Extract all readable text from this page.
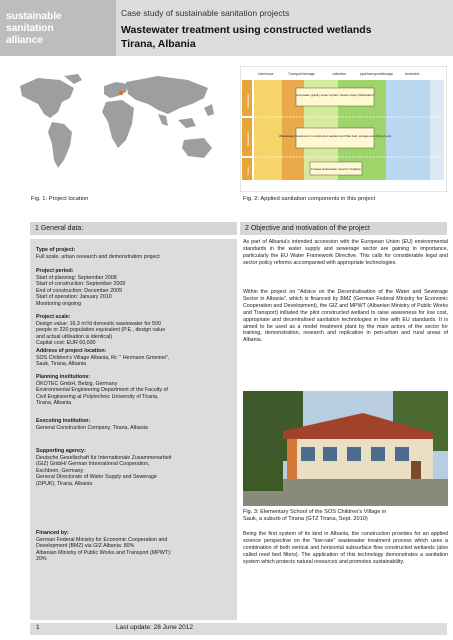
sustainable
sanitation
alliance
Case study of sustainable sanitation projects
Wastewater treatment using constructed wetlands
Tirana, Albania
Fig. 1: Project location
Use/reuse	Transport/storage	collection	pipe/transport/storage	treatment
collection
treatment
reuse
Greywater gravity sewer system (sewer pipes, blackwater)
Wastewater treatment in constructed wetland and filter bed, storage and drying beds
Treated wastewater used for irrigation
Fig. 2: Applied sanitation components in this project
1 General data:	2 Objective and motivation of the project
Type of project:
Full scale, urban research and demonstration project
Project period:
Start of planning: September 2008
Start of construction: September 2009
End of construction: December 2009
Start of operation: January 2010
Monitoring ongoing
Project scale:
Design value: 16.3 m³/d domestic wastewater for 500
people or 220 population equivalent (P.E., design value
and actual utilisation is identical)
Capital cost: EUR 60,000
Address of project location:
SOS Children's Village Albania, Rr. " Hermann Gmeiner",
Sauk, Tirana, Albania
Planning institutions:
ÖKOTEC GmbH, Belzig, Germany
Environmental Engineering Department of the Faculty of
Civil Engineering at Polytechnic University of Tirana,
Tirana, Albania
Executing institution:
General Construction Company, Tirana, Albania
Supporting agency:
Deutsche Gesellschaft für Internationale Zusammenarbeit
(GIZ) GmbH/ German International Cooperation,
Eschborn, Germany
General Directorate of Water Supply and Sewerage
(DPUK), Tirana, Albania
Financed by:
German Federal Ministry for Economic Cooperation and
Development (BMZ) via GIZ Albania: 80%
Albanian Ministry of Public Works and Transport (MPWT):
20%
As part of Albania's intended accession with the European Union (EU) environmental standards in the water supply and sewerage sector are gaining in importance, particularly the EU Water Framework Directive. This calls for considerable legal and sector policy reforms accompanied with appropriate technologies.
Within the project on "Advice on the Decentralisation of the Water and Sewerage Sector in Albania", which is financed by BMZ (German Federal Ministry for Economic Cooperation and Development), the GIZ and MPWT (Albanian Ministry of Public Works and Transport) initiated the pilot constructed wetland to raise awareness for low cost, appropriate and decentralised sanitation technologies in line with EU standards. It is aimed to be used as a model treatment plant by the main actors of the sector for training, demonstration, research and replication in peri-urban and rural areas of Albania.
Fig. 3: Elementary School of the SOS Children's Village in
Sauk, a suburb of Tirana (GTZ Tirana, Sept. 2010)
Being the first system of its kind in Albania, the construction provides for an applied science perspective on the "low-rate" wastewater treatment process which uses a combination of both vertical and horizontal subsurface flow constructed wetlands (also called reed bed filters). The application of this technology demonstrates a sanitation system which protects natural resources and promotes sustainability.
1	Last update: 28 June 2012
